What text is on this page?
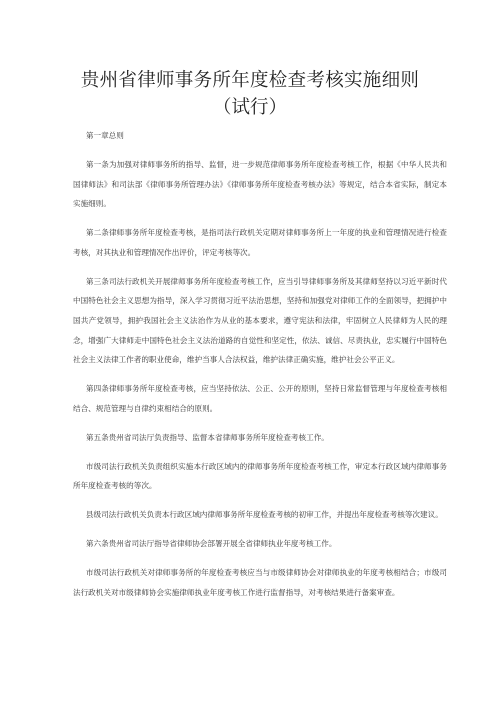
贵州省律师事务所年度检查考核实施细则
（试行）

第一章总则

第一条为加强对律师事务所的指导、监督，进一步规范律师事务所年度检查考核工作，根据《中华人民共和国律师法》和司法部《律师事务所管理办法》《律师事务所年度检查考核办法》等规定，结合本省实际，制定本实施细则。

第二条律师事务所年度检查考核，是指司法行政机关定期对律师事务所上一年度的执业和管理情况进行检查考核，对其执业和管理情况作出评价，评定考核等次。

第三条司法行政机关开展律师事务所年度检查考核工作，应当引导律师事务所及其律师坚持以习近平新时代中国特色社会主义思想为指导，深入学习贯彻习近平法治思想，坚持和加强党对律师工作的全面领导，把拥护中国共产党领导，拥护我国社会主义法治作为从业的基本要求，遵守宪法和法律，牢固树立人民律师为人民的理念，增强广大律师走中国特色社会主义法治道路的自觉性和坚定性，依法、诚信、尽责执业，忠实履行中国特色社会主义法律工作者的职业使命，维护当事人合法权益，维护法律正确实施，维护社会公平正义。

第四条律师事务所年度检查考核，应当坚持依法、公正、公开的原则，坚持日常监督管理与年度检查考核相结合、规范管理与自律约束相结合的原则。

第五条贵州省司法厅负责指导、监督本省律师事务所年度检查考核工作。

市级司法行政机关负责组织实施本行政区域内的律师事务所年度检查考核工作，审定本行政区域内律师事务所年度检查考核的等次。

县级司法行政机关负责本行政区域内律师事务所年度检查考核的初审工作，并提出年度检查考核等次建议。

第六条贵州省司法厅指导省律师协会部署开展全省律师执业年度考核工作。

市级司法行政机关对律师事务所的年度检查考核应当与市级律师协会对律师执业的年度考核相结合；市级司法行政机关对市级律师协会实施律师执业年度考核工作进行监督指导，对考核结果进行备案审查。
